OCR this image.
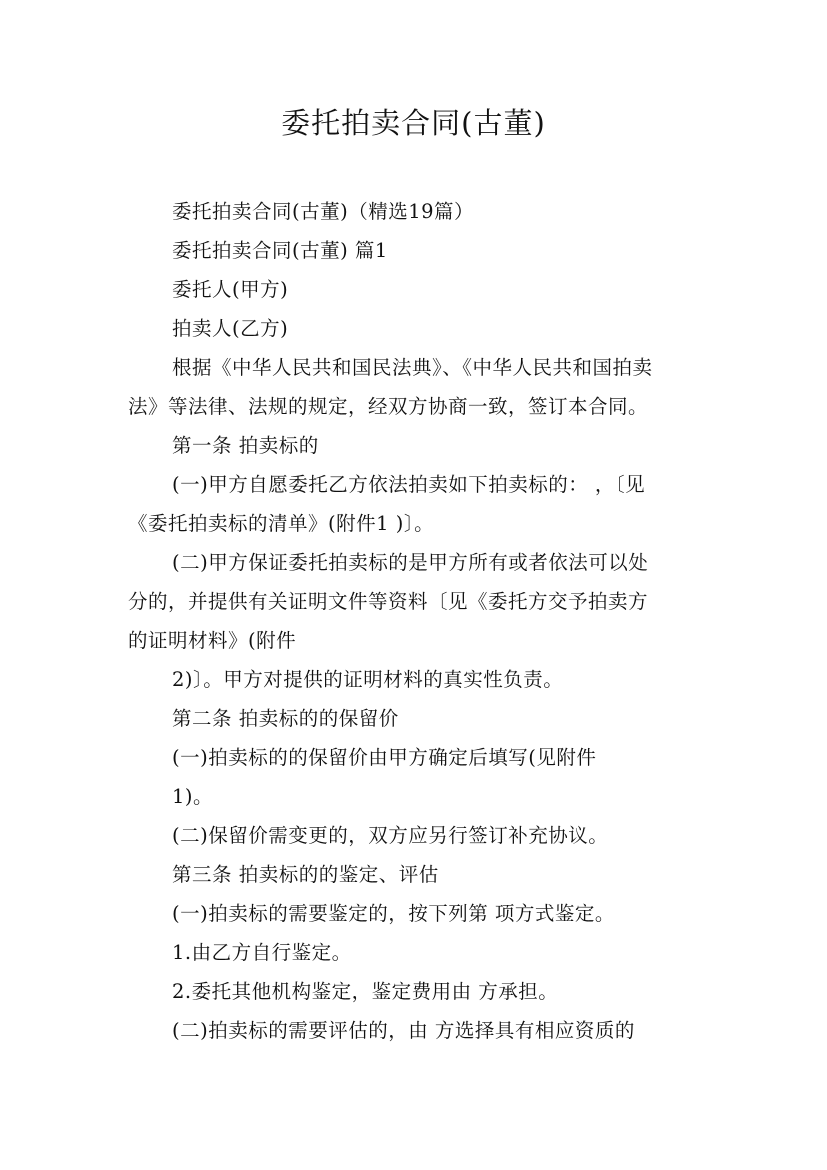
委托拍卖合同(古董)
委托拍卖合同(古董)（精选19篇）
委托拍卖合同(古董) 篇1
委托人(甲方)
拍卖人(乙方)
根据《中华人民共和国民法典》、《中华人民共和国拍卖
法》等法律、法规的规定，经双方协商一致，签订本合同。
第一条 拍卖标的
(一)甲方自愿委托乙方依法拍卖如下拍卖标的： ，〔见
《委托拍卖标的清单》(附件1 )〕。
(二)甲方保证委托拍卖标的是甲方所有或者依法可以处
分的，并提供有关证明文件等资料〔见《委托方交予拍卖方
的证明材料》(附件
2)〕。甲方对提供的证明材料的真实性负责。
第二条 拍卖标的的保留价
(一)拍卖标的的保留价由甲方确定后填写(见附件
1)。
(二)保留价需变更的，双方应另行签订补充协议。
第三条 拍卖标的的鉴定、评估
(一)拍卖标的需要鉴定的，按下列第 项方式鉴定。
1.由乙方自行鉴定。
2.委托其他机构鉴定，鉴定费用由 方承担。
(二)拍卖标的需要评估的，由 方选择具有相应资质的
